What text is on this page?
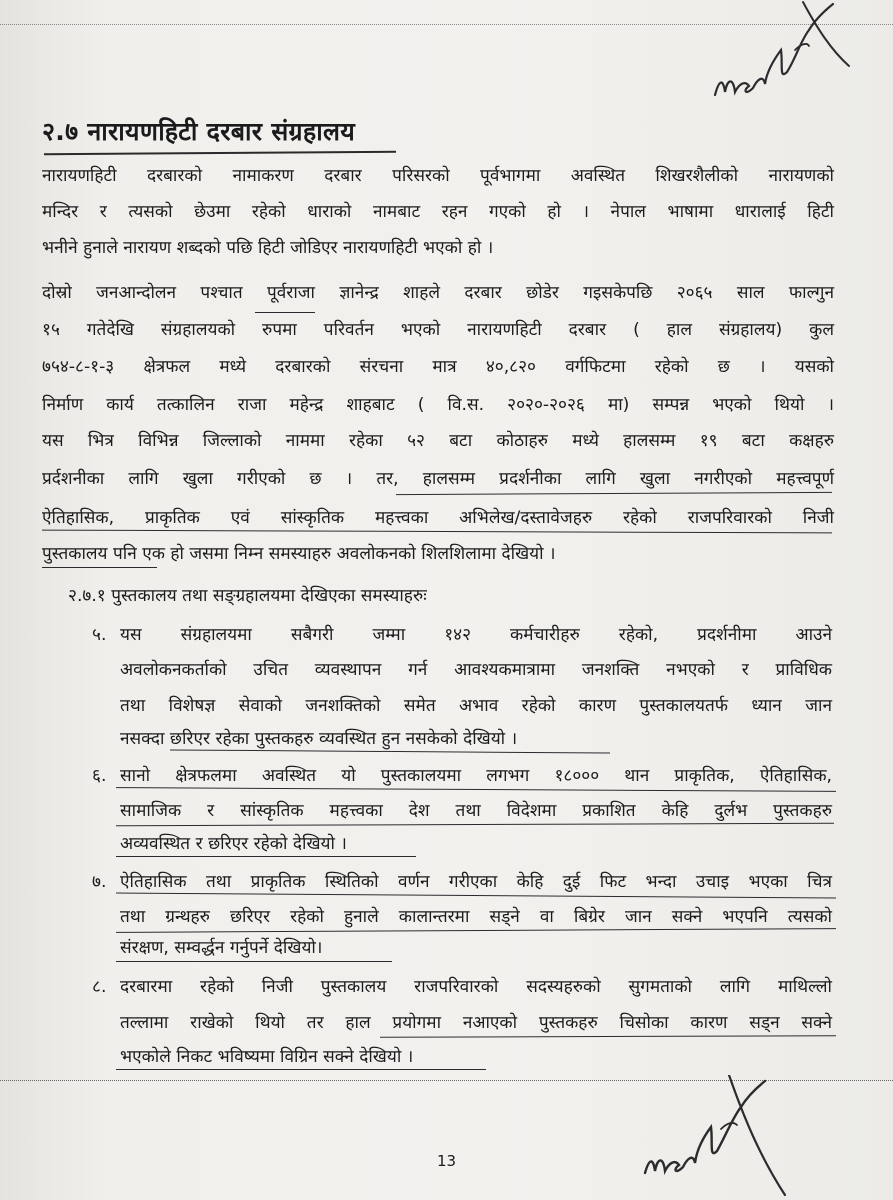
२.७ नारायणहिटी दरबार संग्रहालय
नारायणहिटी दरबारको नामाकरण दरबार परिसरको पूर्वभागमा अवस्थित शिखरशैलीको नारायणको
मन्दिर र त्यसको छेउमा रहेको धाराको नामबाट रहन गएको हो । नेपाल भाषामा धारालाई हिटी
भनीने हुनाले नारायण शब्दको पछि हिटी जोडिएर नारायणहिटी भएको हो ।
दोस्रो जनआन्दोलन पश्चात पूर्वराजा ज्ञानेन्द्र शाहले दरबार छोडेर गइसकेपछि २०६५ साल फाल्गुन
१५ गतेदेखि संग्रहालयको रुपमा परिवर्तन भएको नारायणहिटी दरबार ( हाल संग्रहालय) कुल
७५४-८-१-३ क्षेत्रफल मध्ये दरबारको संरचना मात्र ४०,८२० वर्गफिटमा रहेको छ । यसको
निर्माण कार्य तत्कालिन राजा महेन्द्र शाहबाट ( वि.स. २०२०-२०२६ मा) सम्पन्न भएको थियो ।
यस भित्र विभिन्न जिल्लाको नाममा रहेका ५२ बटा कोठाहरु मध्ये हालसम्म १९ बटा कक्षहरु
प्रर्दशनीका लागि खुला गरीएको छ । तर, हालसम्म प्रदर्शनीका लागि खुला नगरीएको महत्त्वपूर्ण
ऐतिहासिक, प्राकृतिक एवं सांस्कृतिक महत्त्वका अभिलेख/दस्तावेजहरु रहेको राजपरिवारको निजी
पुस्तकालय पनि एक हो जसमा निम्न समस्याहरु अवलोकनको शिलशिलामा देखियो ।
२.७.१ पुस्तकालय तथा सङ्ग्रहालयमा देखिएका समस्याहरुः
५. यस संग्रहालयमा सबैगरी जम्मा १४२ कर्मचारीहरु रहेको, प्रदर्शनीमा आउने
अवलोकनकर्ताको उचित व्यवस्थापन गर्न आवश्यकमात्रामा जनशक्ति नभएको र प्राविधिक
तथा विशेषज्ञ सेवाको जनशक्तिको समेत अभाव रहेको कारण पुस्तकालयतर्फ ध्यान जान
नसक्दा छरिएर रहेका पुस्तकहरु व्यवस्थित हुन नसकेको देखियो ।
६. सानो क्षेत्रफलमा अवस्थित यो पुस्तकालयमा लगभग १८००० थान प्राकृतिक, ऐतिहासिक,
सामाजिक र सांस्कृतिक महत्त्वका देश तथा विदेशमा प्रकाशित केहि दुर्लभ पुस्तकहरु
अव्यवस्थित र छरिएर रहेको देखियो ।
७. ऐतिहासिक तथा प्राकृतिक स्थितिको वर्णन गरीएका केहि दुई फिट भन्दा उचाइ भएका चित्र
तथा ग्रन्थहरु छरिएर रहेको हुनाले कालान्तरमा सड्ने वा बिग्रेर जान सक्ने भएपनि त्यसको
संरक्षण, सम्वर्द्धन गर्नुपर्ने देखियो।
८. दरबारमा रहेको निजी पुस्तकालय राजपरिवारको सदस्यहरुको सुगमताको लागि माथिल्लो
तल्लामा राखेको थियो तर हाल प्रयोगमा नआएको पुस्तकहरु चिसोका कारण सड्न सक्ने
भएकोले निकट भविष्यमा विग्रिन सक्ने देखियो ।
13
